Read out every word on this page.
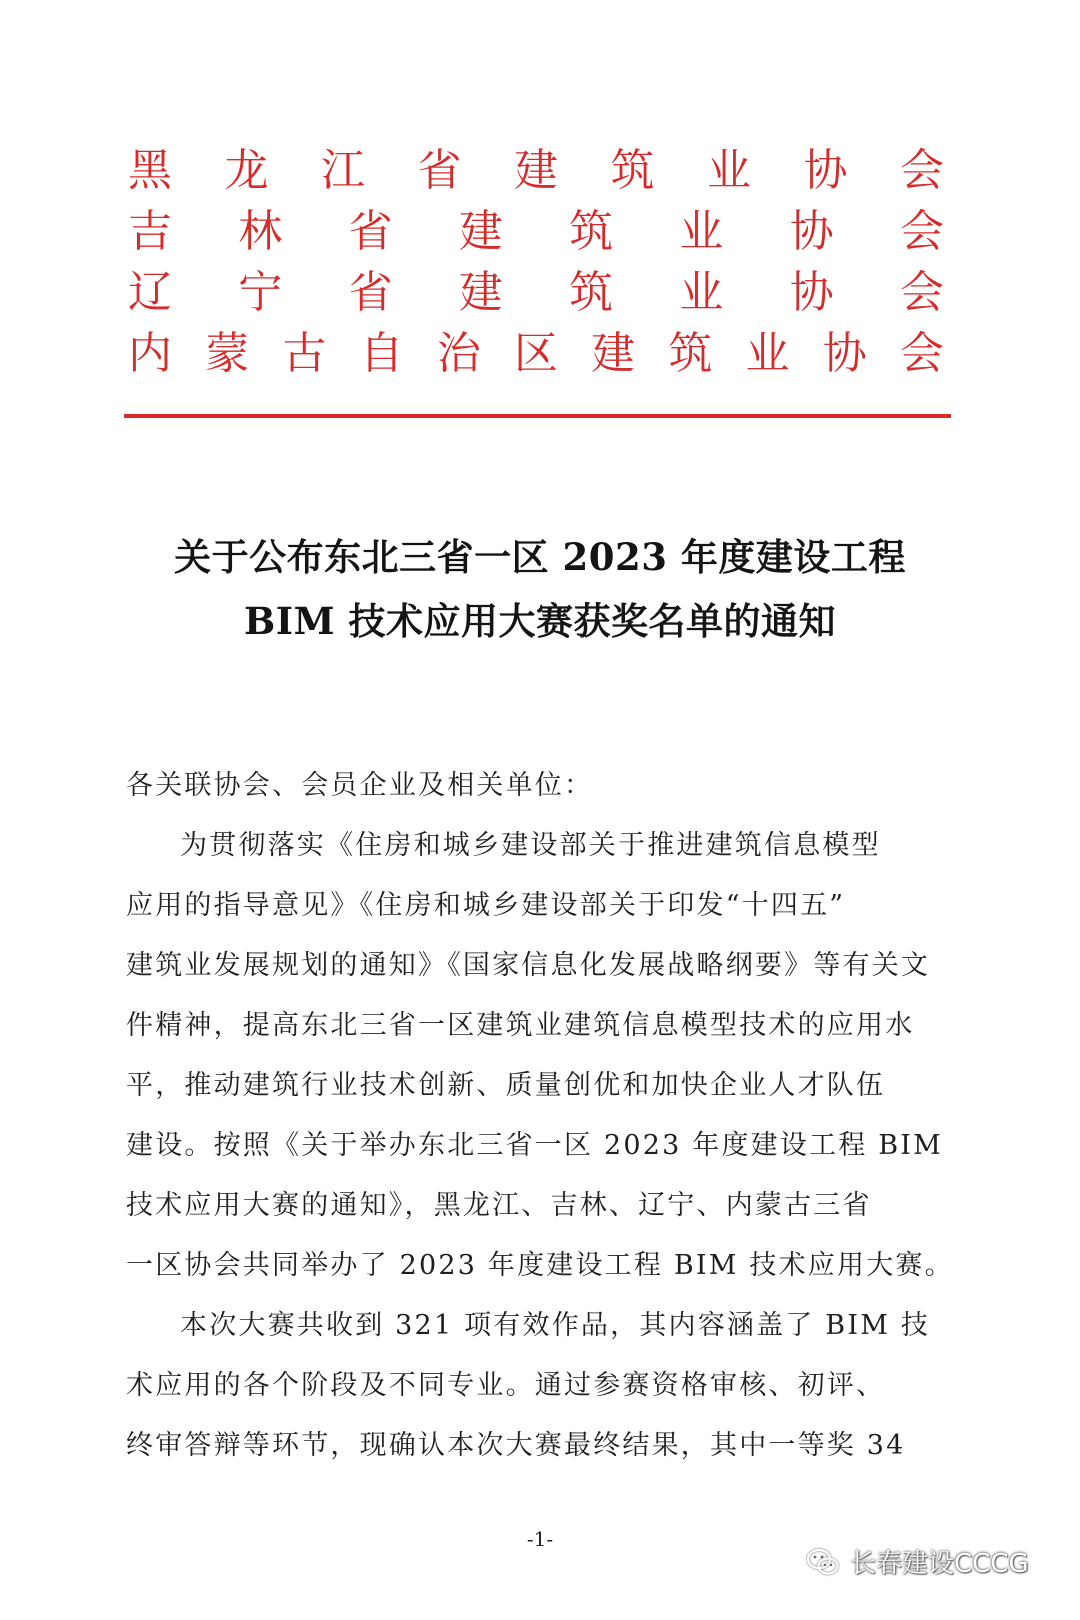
黑 龙 江 省 建 筑 业 协 会
吉 林 省 建 筑 业 协 会
辽 宁 省 建 筑 业 协 会
内 蒙 古 自 治 区 建 筑 业 协 会
关于公布东北三省一区 2023 年度建设工程
BIM 技术应用大赛获奖名单的通知
各关联协会、会员企业及相关单位：
为贯彻落实《住房和城乡建设部关于推进建筑信息模型
应用的指导意见》《住房和城乡建设部关于印发“十四五”
建筑业发展规划的通知》《国家信息化发展战略纲要》等有关文
件精神，提高东北三省一区建筑业建筑信息模型技术的应用水
平，推动建筑行业技术创新、质量创优和加快企业人才队伍
建设。按照《关于举办东北三省一区 2023 年度建设工程 BIM
技术应用大赛的通知》，黑龙江、吉林、辽宁、内蒙古三省
一区协会共同举办了 2023 年度建设工程 BIM 技术应用大赛。
本次大赛共收到 321 项有效作品，其内容涵盖了 BIM 技
术应用的各个阶段及不同专业。通过参赛资格审核、初评、
终审答辩等环节，现确认本次大赛最终结果，其中一等奖 34
-1-
长春建设CCCG
